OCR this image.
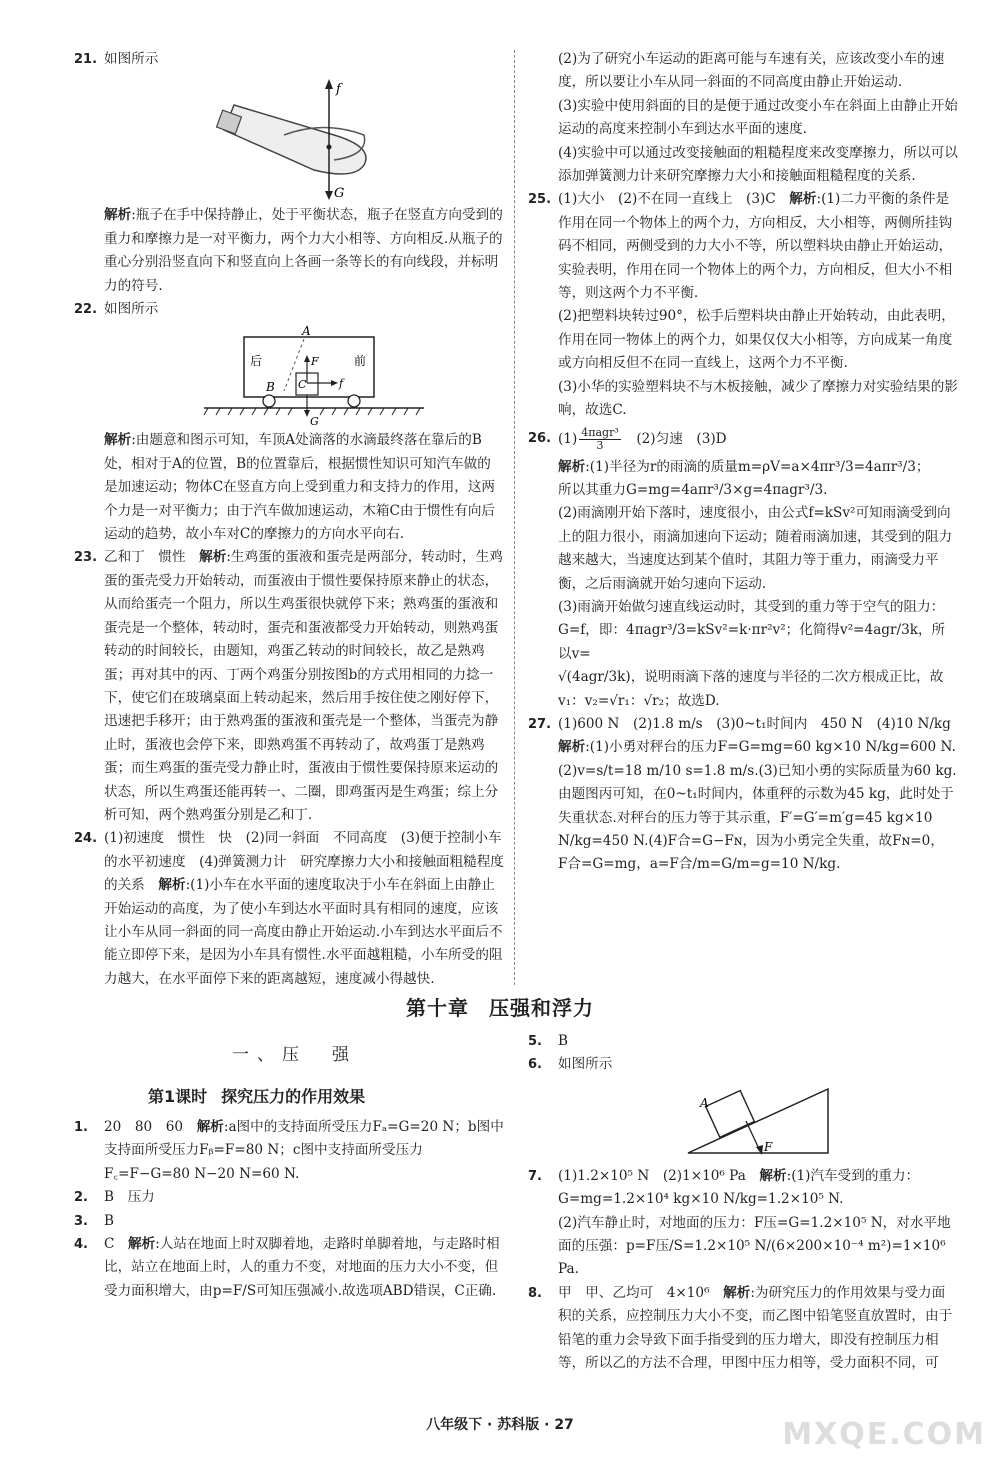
21. 如图所示
f
G
解析:瓶子在手中保持静止，处于平衡状态，瓶子在竖直方向受到的重力和摩擦力是一对平衡力，两个力大小相等、方向相反.从瓶子的重心分别沿竖直向下和竖直向上各画一条等长的有向线段，并标明力的符号.
22. 如图所示
A
B C
F
f
G
后	前
解析:由题意和图示可知，车顶A处滴落的水滴最终落在靠后的B处，相对于A的位置，B的位置靠后，根据惯性知识可知汽车做的是加速运动；物体C在竖直方向上受到重力和支持力的作用，这两个力是一对平衡力；由于汽车做加速运动，木箱C由于惯性有向后运动的趋势，故小车对C的摩擦力的方向水平向右.
23. 乙和丁　惯性　 解析:生鸡蛋的蛋液和蛋壳是两部分，转动时，生鸡蛋的蛋壳受力开始转动，而蛋液由于惯性要保持原来静止的状态，从而给蛋壳一个阻力，所以生鸡蛋很快就停下来；熟鸡蛋的蛋液和蛋壳是一个整体，转动时，蛋壳和蛋液都受力开始转动，则熟鸡蛋转动的时间较长，由题知，鸡蛋乙转动的时间较长，故乙是熟鸡蛋；再对其中的丙、丁两个鸡蛋分别按图b的方式用相同的力捻一下，使它们在玻璃桌面上转动起来，然后用手按住使之刚好停下，迅速把手移开；由于熟鸡蛋的蛋液和蛋壳是一个整体，当蛋壳为静止时，蛋液也会停下来，即熟鸡蛋不再转动了，故鸡蛋丁是熟鸡蛋；而生鸡蛋的蛋壳受力静止时，蛋液由于惯性要保持原来运动的状态，所以生鸡蛋还能再转一、二圈，即鸡蛋丙是生鸡蛋；综上分析可知，两个熟鸡蛋分别是乙和丁.
24. (1)初速度　惯性　快　(2)同一斜面　不同高度　(3)便于控制小车的水平初速度　(4)弹簧测力计　研究摩擦力大小和接触面粗糙程度的关系　 解析:(1)小车在水平面的速度取决于小车在斜面上由静止开始运动的高度，为了使小车到达水平面时具有相同的速度，应该让小车从同一斜面的同一高度由静止开始运动.小车到达水平面后不能立即停下来，是因为小车具有惯性.水平面越粗糙，小车所受的阻力越大，在水平面停下来的距离越短，速度减小得越快.
(2)为了研究小车运动的距离可能与车速有关，应该改变小车的速度，所以要让小车从同一斜面的不同高度由静止开始运动.
(3)实验中使用斜面的目的是便于通过改变小车在斜面上由静止开始运动的高度来控制小车到达水平面的速度.
(4)实验中可以通过改变接触面的粗糙程度来改变摩擦力，所以可以添加弹簧测力计来研究摩擦力大小和接触面粗糙程度的关系.
25. (1)大小　(2)不在同一直线上　(3)C　 解析:(1)二力平衡的条件是作用在同一个物体上的两个力，方向相反，大小相等，两侧所挂钩码不相同，两侧受到的力大小不等，所以塑料块由静止开始运动，实验表明，作用在同一个物体上的两个力，方向相反，但大小不相等，则这两个力不平衡.
(2)把塑料块转过90°，松手后塑料块由静止开始转动，由此表明，作用在同一物体上的两个力，如果仅仅大小相等，方向成某一角度或方向相反但不在同一直线上，这两个力不平衡.
(3)小华的实验塑料块不与木板接触，减少了摩擦力对实验结果的影响，故选C.
26. $(1) \frac{\text{4πagr³}}{3}$
　 (2)匀速　(3)D
解析:(1)半径为r的雨滴的质量m=ρV=a×4πr³/3=4aπr³/3；
所以其重力G=mg=4aπr³/3×g=4πagr³/3.
(2)雨滴刚开始下落时，速度很小，由公式f=kSv²可知雨滴受到向上的阻力很小，雨滴加速向下运动；随着雨滴加速，其受到的阻力越来越大，当速度达到某个值时，其阻力等于重力，雨滴受力平衡，之后雨滴就开始匀速向下运动.
(3)雨滴开始做匀速直线运动时，其受到的重力等于空气的阻力：G=f，即：4πagr³/3=kSv²=k·πr²v²；化简得v²=4agr/3k，所以v=
√(4agr/3k)，说明雨滴下落的速度与半径的二次方根成正比，故
v₁：v₂=√r₁：√r₂；故选D.
27. (1)600 N　(2)1.8 m/s　(3)0~t₁时间内　450 N　(4)10 N/kg　解析:(1)小勇对秤台的压力F=G=mg=60 kg×10 N/kg=600 N.
(2)v=s/t=18 m/10 s=1.8 m/s.(3)已知小勇的实际质量为60 kg.由题图丙可知，在0~t₁时间内，体重秤的示数为45 kg，此时处于失重状态.对秤台的压力等于其示重，F′=G′=m′g=45 kg×10 N/kg=450 N.(4)F合=G−Fɴ，因为小勇完全失重，故Fɴ=0，
F合=G=mg，a=F合/m=G/m=g=10 N/kg.
第十章 压强和浮力
一、压　强
第1课时 探究压力的作用效果
1. 20　80　60　 解析:a图中的支持面所受压力Fₐ=G=20 N；b图中支持面所受压力Fᵦ=F=80 N；c图中支持面所受压力F꜀=F−G=80 N−20 N=60 N.
2. B　压力
3. B
4. C　 解析:人站在地面上时双脚着地，走路时单脚着地，与走路时相比，站立在地面上时，人的重力不变，对地面的压力大小不变，但受力面积增大，由p=F/S可知压强减小.故选项ABD错误，C正确.
5. B
6. 如图所示
A
F
7. (1)1.2×10⁵ N　(2)1×10⁶ Pa　 解析:(1)汽车受到的重力：G=mg=1.2×10⁴ kg×10 N/kg=1.2×10⁵ N.
(2)汽车静止时，对地面的压力：F压=G=1.2×10⁵ N，对水平地面的压强：p=F压/S=1.2×10⁵ N/(6×200×10⁻⁴ m²)=1×10⁶ Pa.
8. 甲　甲、乙均可　4×10⁶　 解析:为研究压力的作用效果与受力面积的关系，应控制压力大小不变，而乙图中铅笔竖直放置时，由于铅笔的重力会导致下面手指受到的压力增大，即没有控制压力相等，所以乙的方法不合理，甲图中压力相等，受力面积不同，可
八年级下 · 苏科版 · 27	MXQE.COM
